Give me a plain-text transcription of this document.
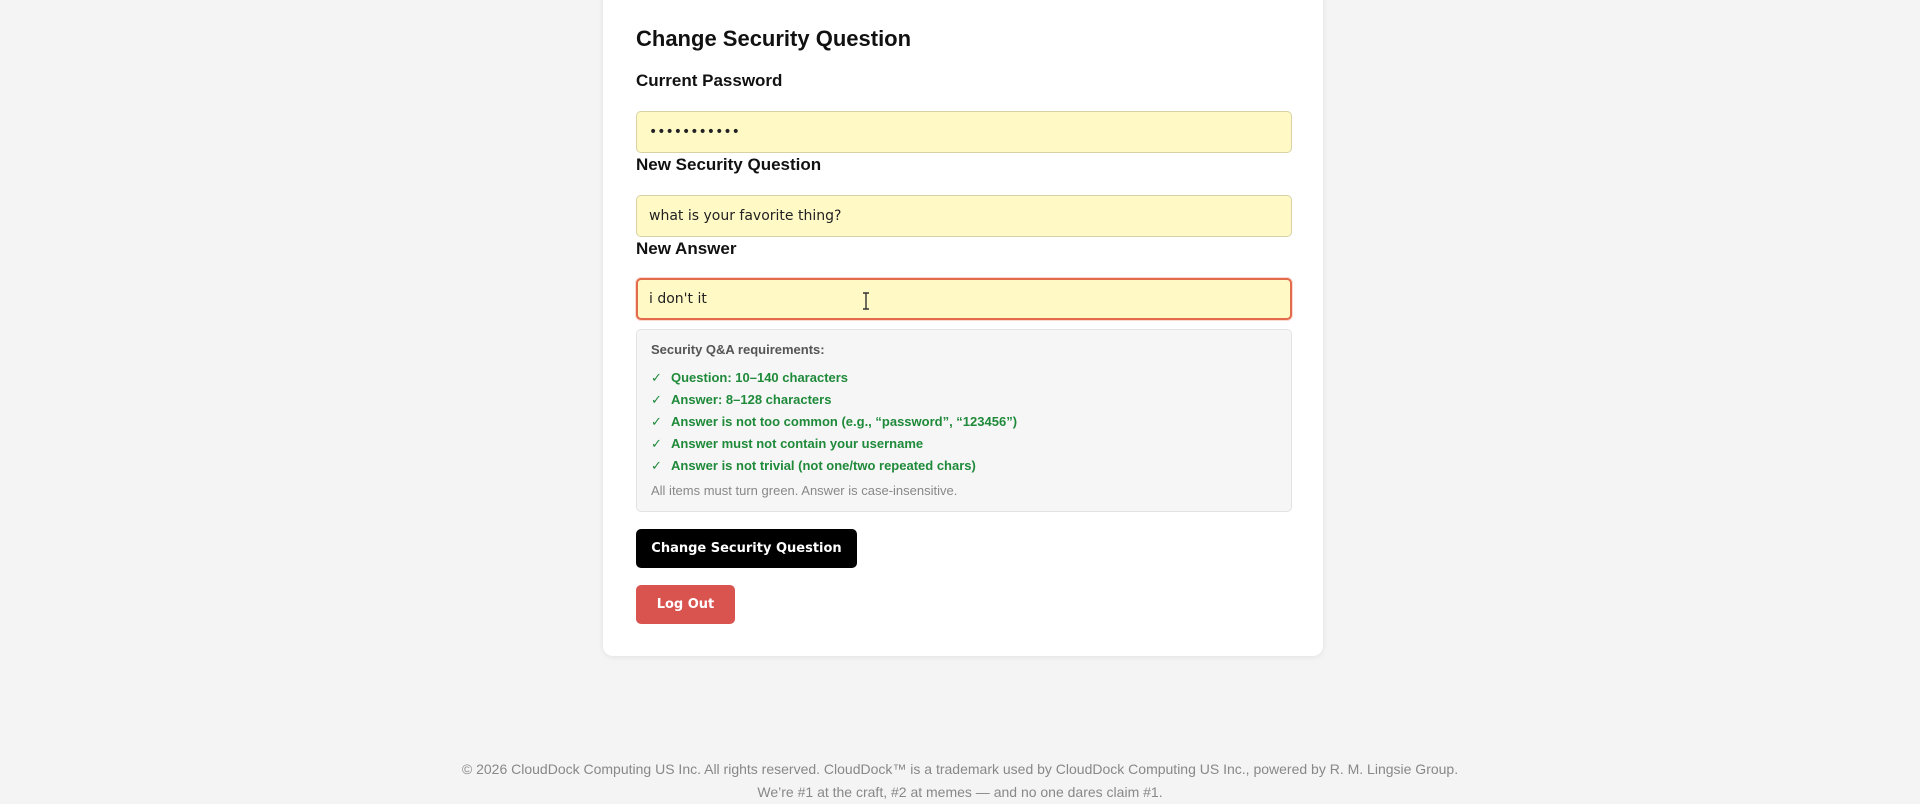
Change Security Question
Current Password
•••••••••••
New Security Question
what is your favorite thing?
New Answer
i don't it
Security Q&A requirements:
✓ Question: 10–140 characters
✓ Answer: 8–128 characters
✓ Answer is not too common (e.g., “password”, “123456”)
✓ Answer must not contain your username
✓ Answer is not trivial (not one/two repeated chars)
All items must turn green. Answer is case-insensitive.
Change Security Question
Log Out
© 2026 CloudDock Computing US Inc. All rights reserved. CloudDock™ is a trademark used by CloudDock Computing US Inc., powered by R. M. Lingsie Group.
We’re #1 at the craft, #2 at memes — and no one dares claim #1.
